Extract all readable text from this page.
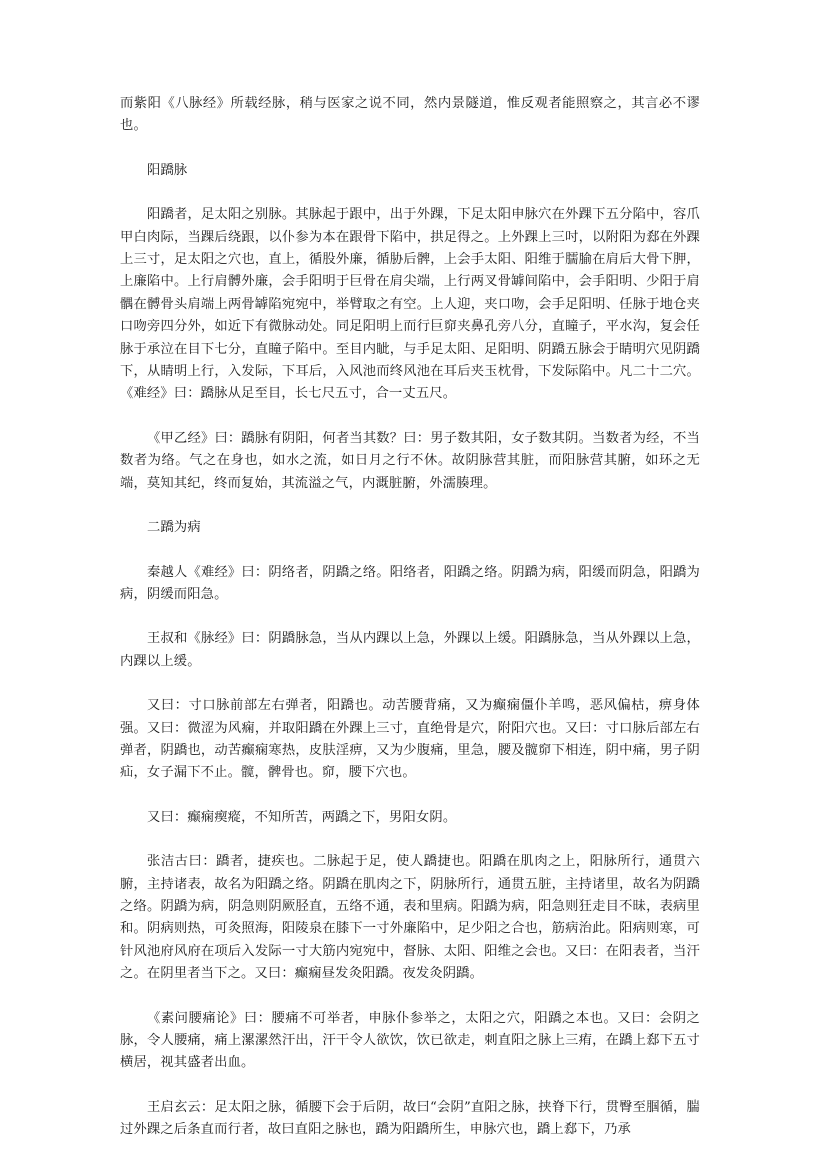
而紫阳《八脉经》所载经脉，稍与医家之说不同，然内景隧道，惟反观者能照察之，其言必不谬也。

阳蹻脉

阳蹻者，足太阳之别脉。其脉起于跟中，出于外踝，下足太阳申脉穴在外踝下五分陷中，容爪甲白肉际，当踝后绕跟，以仆参为本在跟骨下陷中，拱足得之。上外踝上三吋，以附阳为郄在外踝上三寸，足太阳之穴也，直上，循股外廉，循胁后髀，上会手太阳、阳维于臑腧在肩后大骨下胛，上廉陷中。上行肩髆外廉，会手阳明于巨骨在肩尖端，上行两叉骨罅间陷中，会手阳明、少阳于肩髃在髆骨头肩端上两骨罅陷宛宛中，举臂取之有空。上人迎，夹口吻，会手足阳明、任脉于地仓夹口吻旁四分外，如近下有微脉动处。同足阳明上而行巨窌夹鼻孔旁八分，直瞳子，平水沟，复会任脉于承泣在目下七分，直瞳子陷中。至目内眦，与手足太阳、足阳明、阴蹻五脉会于睛明穴见阴蹻下，从睛明上行，入发际，下耳后，入风池而终风池在耳后夹玉枕骨，下发际陷中。凡二十二穴。《难经》曰：蹻脉从足至目，长七尺五寸，合一丈五尺。

《甲乙经》曰：蹻脉有阴阳，何者当其数？曰：男子数其阳，女子数其阴。当数者为经，不当数者为络。气之在身也，如水之流，如日月之行不休。故阴脉营其脏，而阳脉营其腑，如环之无端，莫知其纪，终而复始，其流溢之气，内溉脏腑，外濡腠理。

二蹻为病

秦越人《难经》曰：阴络者，阴蹻之络。阳络者，阳蹻之络。阴蹻为病，阳缓而阴急，阳蹻为病，阴缓而阳急。

王叔和《脉经》曰：阴蹻脉急，当从内踝以上急，外踝以上缓。阳蹻脉急，当从外踝以上急，内踝以上缓。

又曰：寸口脉前部左右弹者，阳蹻也。动苦腰背痛，又为癫痫僵仆羊鸣，恶风偏枯，痹身体强。又曰：微涩为风痫，并取阳蹻在外踝上三寸，直绝骨是穴，附阳穴也。又曰：寸口脉后部左右弹者，阴蹻也，动苦癫痫寒热，皮肤淫痹，又为少腹痛，里急，腰及髋窌下相连，阴中痛，男子阴疝，女子漏下不止。髋，髀骨也。窌，腰下穴也。

又曰：癫痫瘈瘲，不知所苦，两蹻之下，男阳女阴。

张洁古曰：蹻者，捷疾也。二脉起于足，使人蹻捷也。阳蹻在肌肉之上，阳脉所行，通贯六腑，主持诸表，故名为阳蹻之络。阴蹻在肌肉之下，阴脉所行，通贯五脏，主持诸里，故名为阴蹻之络。阴蹻为病，阴急则阴厥胫直，五络不通，表和里病。阳蹻为病，阳急则狂走目不昧，表病里和。阴病则热，可灸照海，阳陵泉在膝下一寸外廉陷中，足少阳之合也，筋病治此。阳病则寒，可针风池府风府在项后入发际一寸大筋内宛宛中，督脉、太阳、阳维之会也。又曰：在阳表者，当汗之。在阴里者当下之。又曰：癫痫昼发灸阳蹻。夜发灸阴蹻。

《素问腰痛论》曰：腰痛不可举者，申脉仆参举之，太阳之穴，阳蹻之本也。又曰：会阴之脉，令人腰痛，痛上漯漯然汗出，汗干令人欲饮，饮已欲走，刺直阳之脉上三痏，在蹻上郄下五寸横居，视其盛者出血。

王启玄云：足太阳之脉，循腰下会于后阴，故曰“会阴”直阳之脉，挟脊下行，贯臀至腘循，腨过外踝之后条直而行者，故曰直阳之脉也，蹻为阳蹻所生，申脉穴也，蹻上郄下，乃承
